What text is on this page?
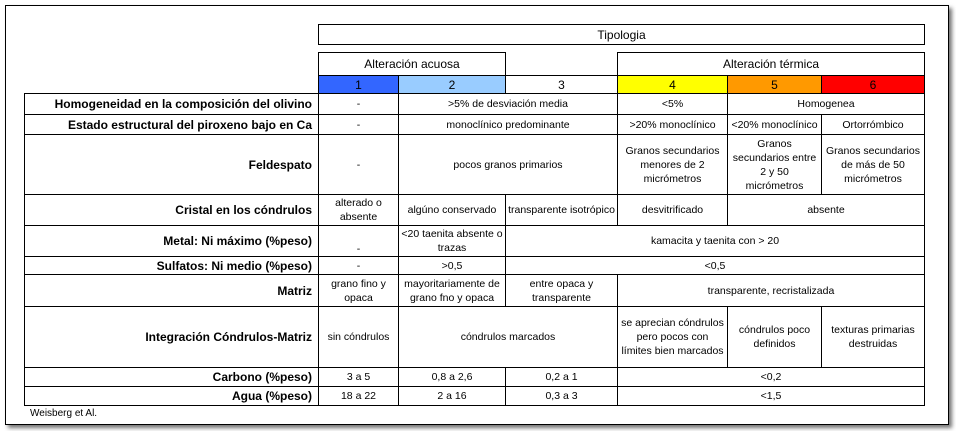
		Tipologia					

		Alteración acuosa			Alteración térmica		
		1	2	3	4	5	6
Homogeneidad en la composición del olivino		-	>5% de desviación media		<5%	Homogenea	
Estado estructural del piroxeno bajo en Ca		-	monoclínico predominante		>20% monoclínico	<20% monoclínico	Ortorrómbico
Feldespato		-	pocos granos primarios		Granos secundarios menores de 2 micrómetros	Granos secundarios entre 2 y 50 micrómetros	Granos secundarios de más de 50 micrómetros
Cristal en los cóndrulos		alterado o absente	algúno conservado	transparente isotrópico	desvitrificado	absente	
Metal: Ni máximo (%peso)		-	<20 taenita absente o trazas	kamacita y taenita con > 20			
Sulfatos: Ni medio (%peso)		-	>0,5	<0,5			
Matriz		grano fino y opaca	mayoritariamente de grano fno y opaca	entre opaca y transparente	transparente, recristalizada		
Integración Cóndrulos-Matriz		sin cóndrulos	cóndrulos marcados		se aprecian cóndrulos pero pocos con límites bien marcados	cóndrulos poco definidos	texturas primarias destruidas
Carbono (%peso)		3 a 5	0,8 a 2,6	0,2 a 1	<0,2		
Agua (%peso)		18 a 22	2 a 16	0,3 a 3	<1,5		
Weisberg et Al.
